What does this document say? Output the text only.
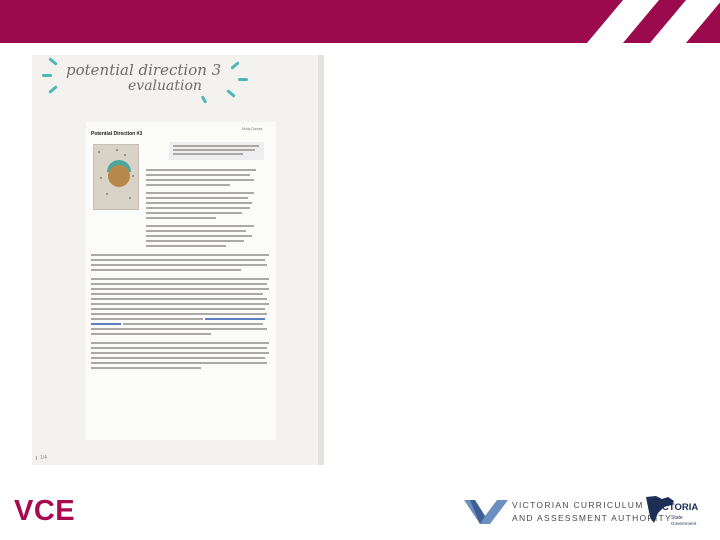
potential direction 3
evaluation
Molly Davies
Potential Direction #3
1/4
VCE	VICTORIAN CURRICULUM
AND ASSESSMENT AUTHORITY
VICTORIA
State
Government
